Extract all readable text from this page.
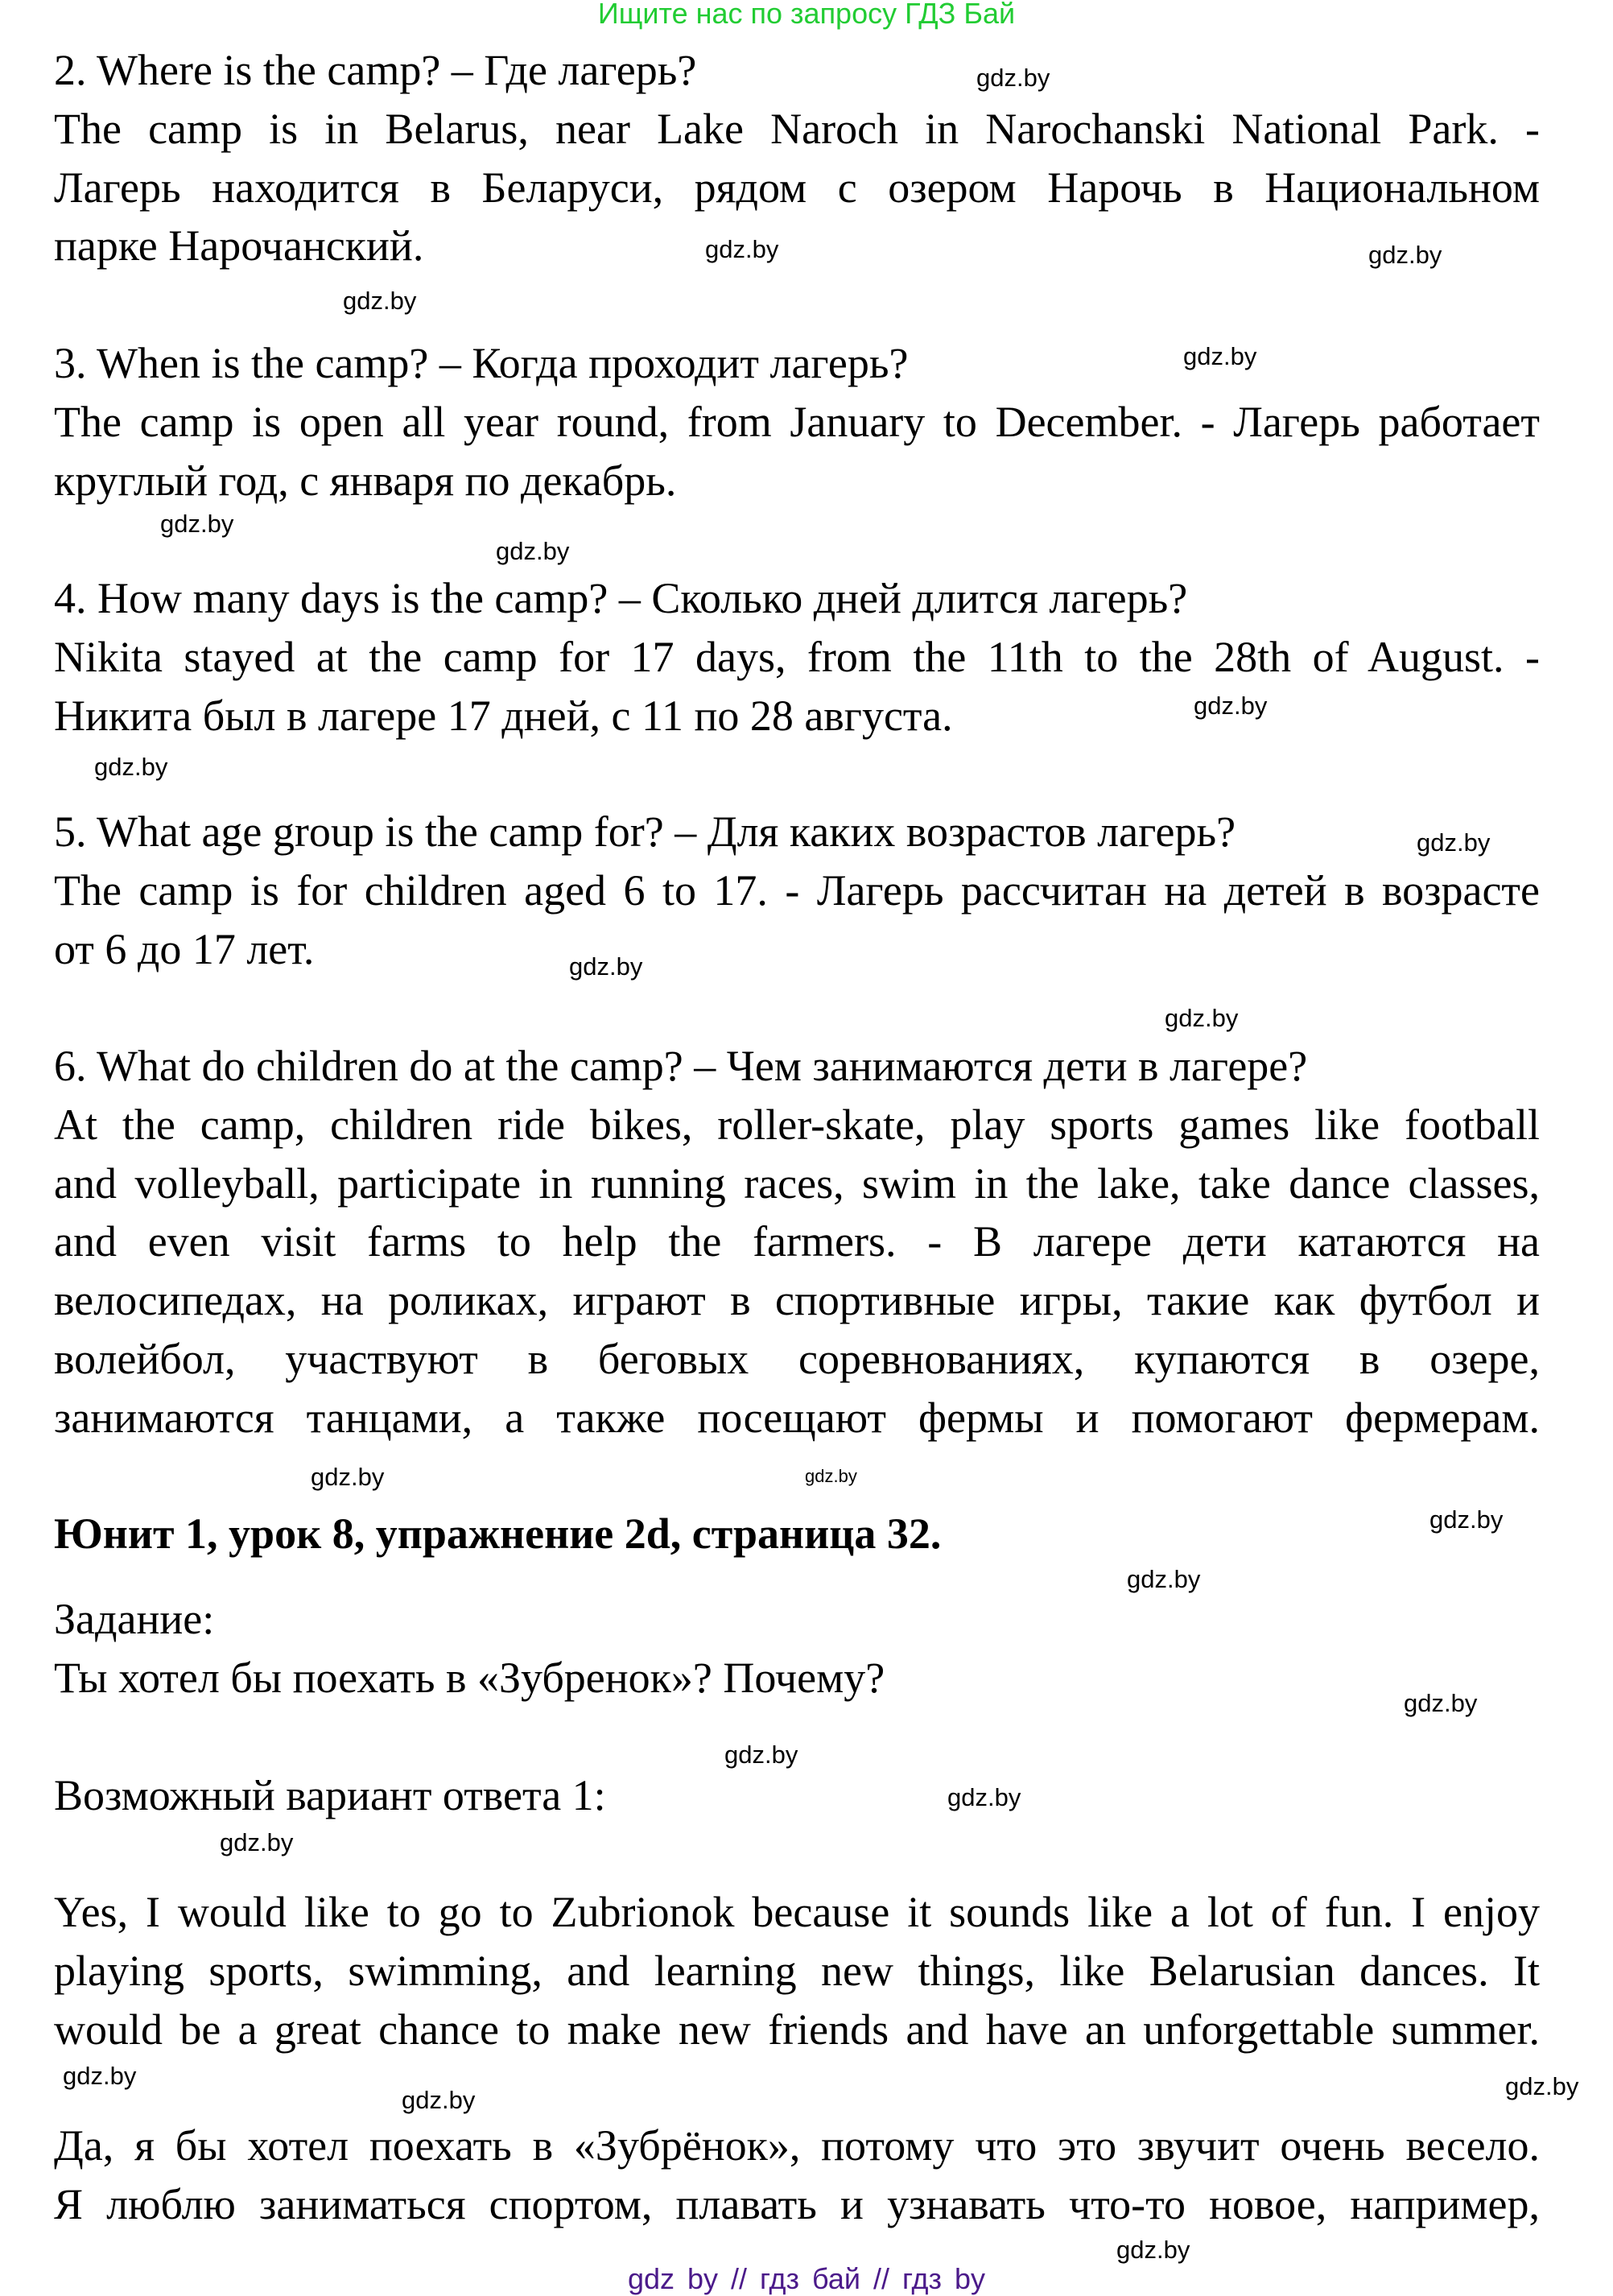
Ищите нас по запросу ГДЗ Бай
2. Where is the camp? – Где лагерь?
The camp is in Belarus, near Lake Naroch in Narochanski National Park. -
Лагерь находится в Беларуси, рядом с озером Нарочь в Национальном
парке Нарочанский.
3. When is the camp? – Когда проходит лагерь?
The camp is open all year round, from January to December. - Лагерь работает
круглый год, с января по декабрь.
4. How many days is the camp? – Сколько дней длится лагерь?
Nikita stayed at the camp for 17 days, from the 11th to the 28th of August. -
Никита был в лагере 17 дней, с 11 по 28 августа.
5. What age group is the camp for? – Для каких возрастов лагерь?
The camp is for children aged 6 to 17. - Лагерь рассчитан на детей в возрасте
от 6 до 17 лет.
6. What do children do at the camp? – Чем занимаются дети в лагере?
At the camp, children ride bikes, roller-skate, play sports games like football
and volleyball, participate in running races, swim in the lake, take dance classes,
and even visit farms to help the farmers. - В лагере дети катаются на
велосипедах, на роликах, играют в спортивные игры, такие как футбол и
волейбол, участвуют в беговых соревнованиях, купаются в озере,
занимаются танцами, а также посещают фермы и помогают фермерам.
Юнит 1, урок 8, упражнение 2d, страница 32.
Задание:
Ты хотел бы поехать в «Зубренок»? Почему?
Возможный вариант ответа 1:
Yes, I would like to go to Zubrionok because it sounds like a lot of fun. I enjoy
playing sports, swimming, and learning new things, like Belarusian dances. It
would be a great chance to make new friends and have an unforgettable summer.
Да, я бы хотел поехать в «Зубрёнок», потому что это звучит очень весело.
Я люблю заниматься спортом, плавать и узнавать что-то новое, например,
gdz by // гдз бай // гдз by
gdz.by
gdz.by
gdz.by
gdz.by
gdz.by
gdz.by
gdz.by
gdz.by
gdz.by
gdz.by
gdz.by
gdz.by
gdz.by
gdz.by
gdz.by
gdz.by
gdz.by
gdz.by
gdz.by
gdz.by
gdz.by
gdz.by	gdz.by
gdz.by
